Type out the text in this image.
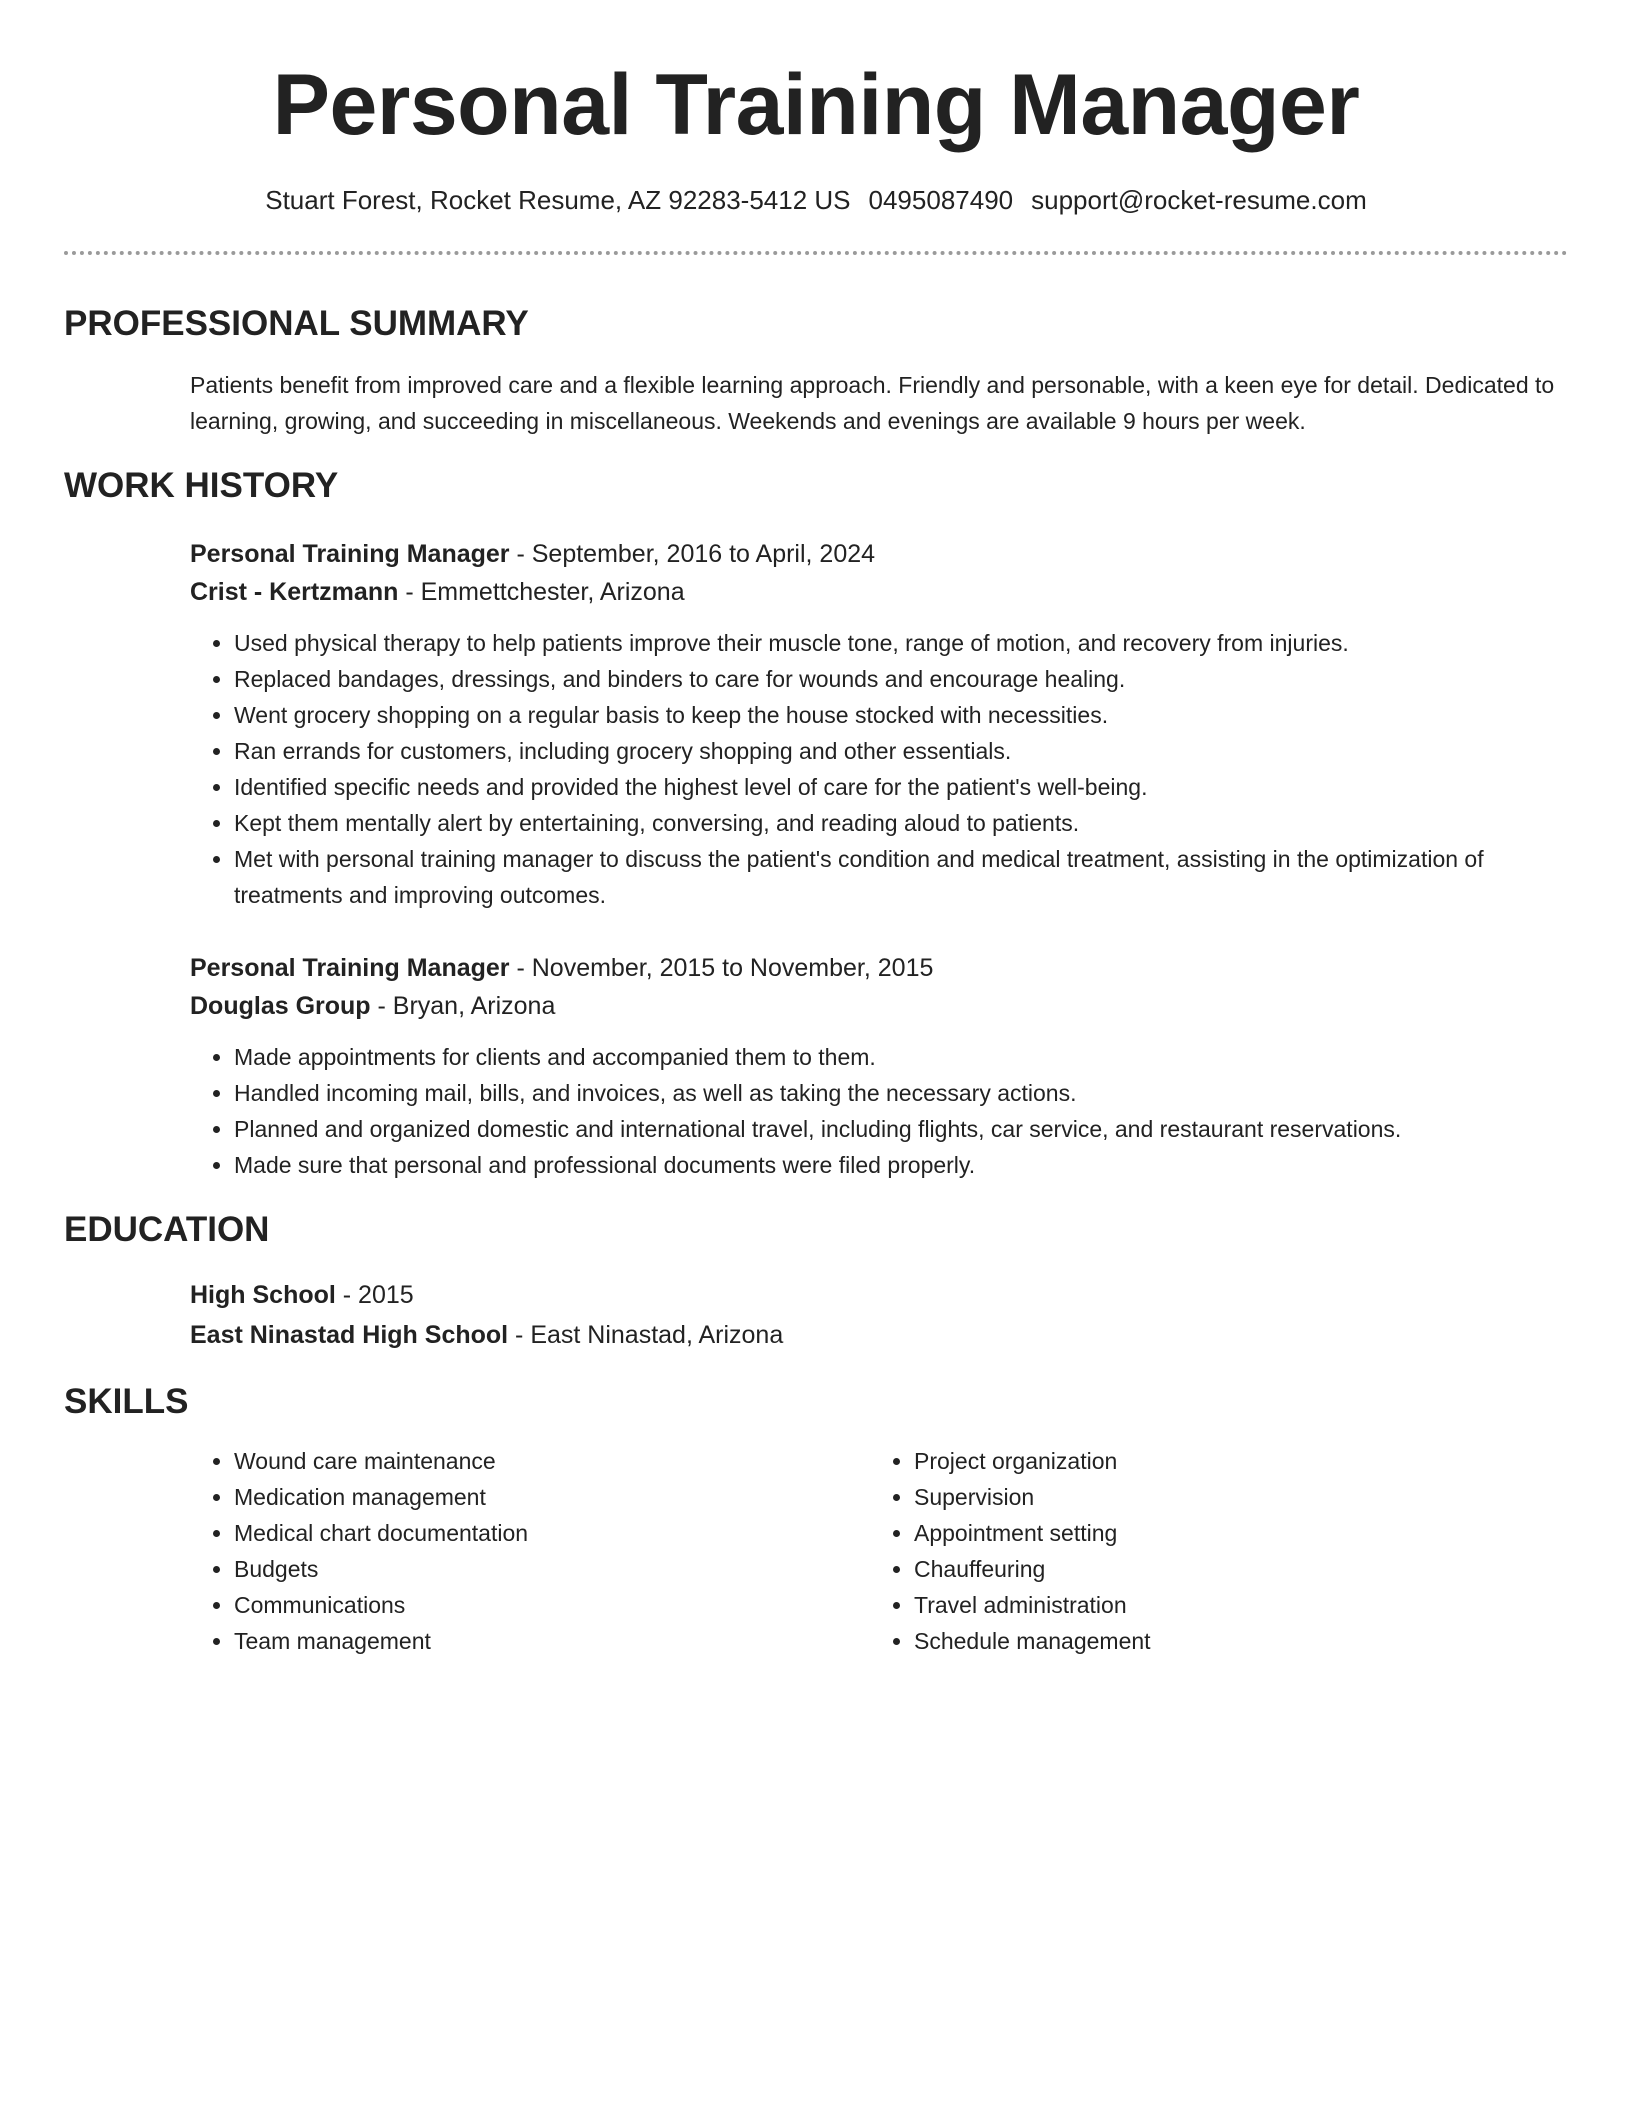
Personal Training Manager
Stuart Forest, Rocket Resume, AZ 92283-5412 US 0495087490 support@rocket-resume.com
PROFESSIONAL SUMMARY
Patients benefit from improved care and a flexible learning approach. Friendly and personable, with a keen eye for detail. Dedicated to learning, growing, and succeeding in miscellaneous. Weekends and evenings are available 9 hours per week.
WORK HISTORY
Personal Training Manager - September, 2016 to April, 2024
Crist - Kertzmann - Emmettchester, Arizona
• Used physical therapy to help patients improve their muscle tone, range of motion, and recovery from injuries.
• Replaced bandages, dressings, and binders to care for wounds and encourage healing.
• Went grocery shopping on a regular basis to keep the house stocked with necessities.
• Ran errands for customers, including grocery shopping and other essentials.
• Identified specific needs and provided the highest level of care for the patient's well-being.
• Kept them mentally alert by entertaining, conversing, and reading aloud to patients.
• Met with personal training manager to discuss the patient's condition and medical treatment, assisting in the optimization of treatments and improving outcomes.
Personal Training Manager - November, 2015 to November, 2015
Douglas Group - Bryan, Arizona
• Made appointments for clients and accompanied them to them.
• Handled incoming mail, bills, and invoices, as well as taking the necessary actions.
• Planned and organized domestic and international travel, including flights, car service, and restaurant reservations.
• Made sure that personal and professional documents were filed properly.
EDUCATION
High School - 2015
East Ninastad High School - East Ninastad, Arizona
SKILLS
• Wound care maintenance
• Medication management
• Medical chart documentation
• Budgets
• Communications
• Team management
• Project organization
• Supervision
• Appointment setting
• Chauffeuring
• Travel administration
• Schedule management
